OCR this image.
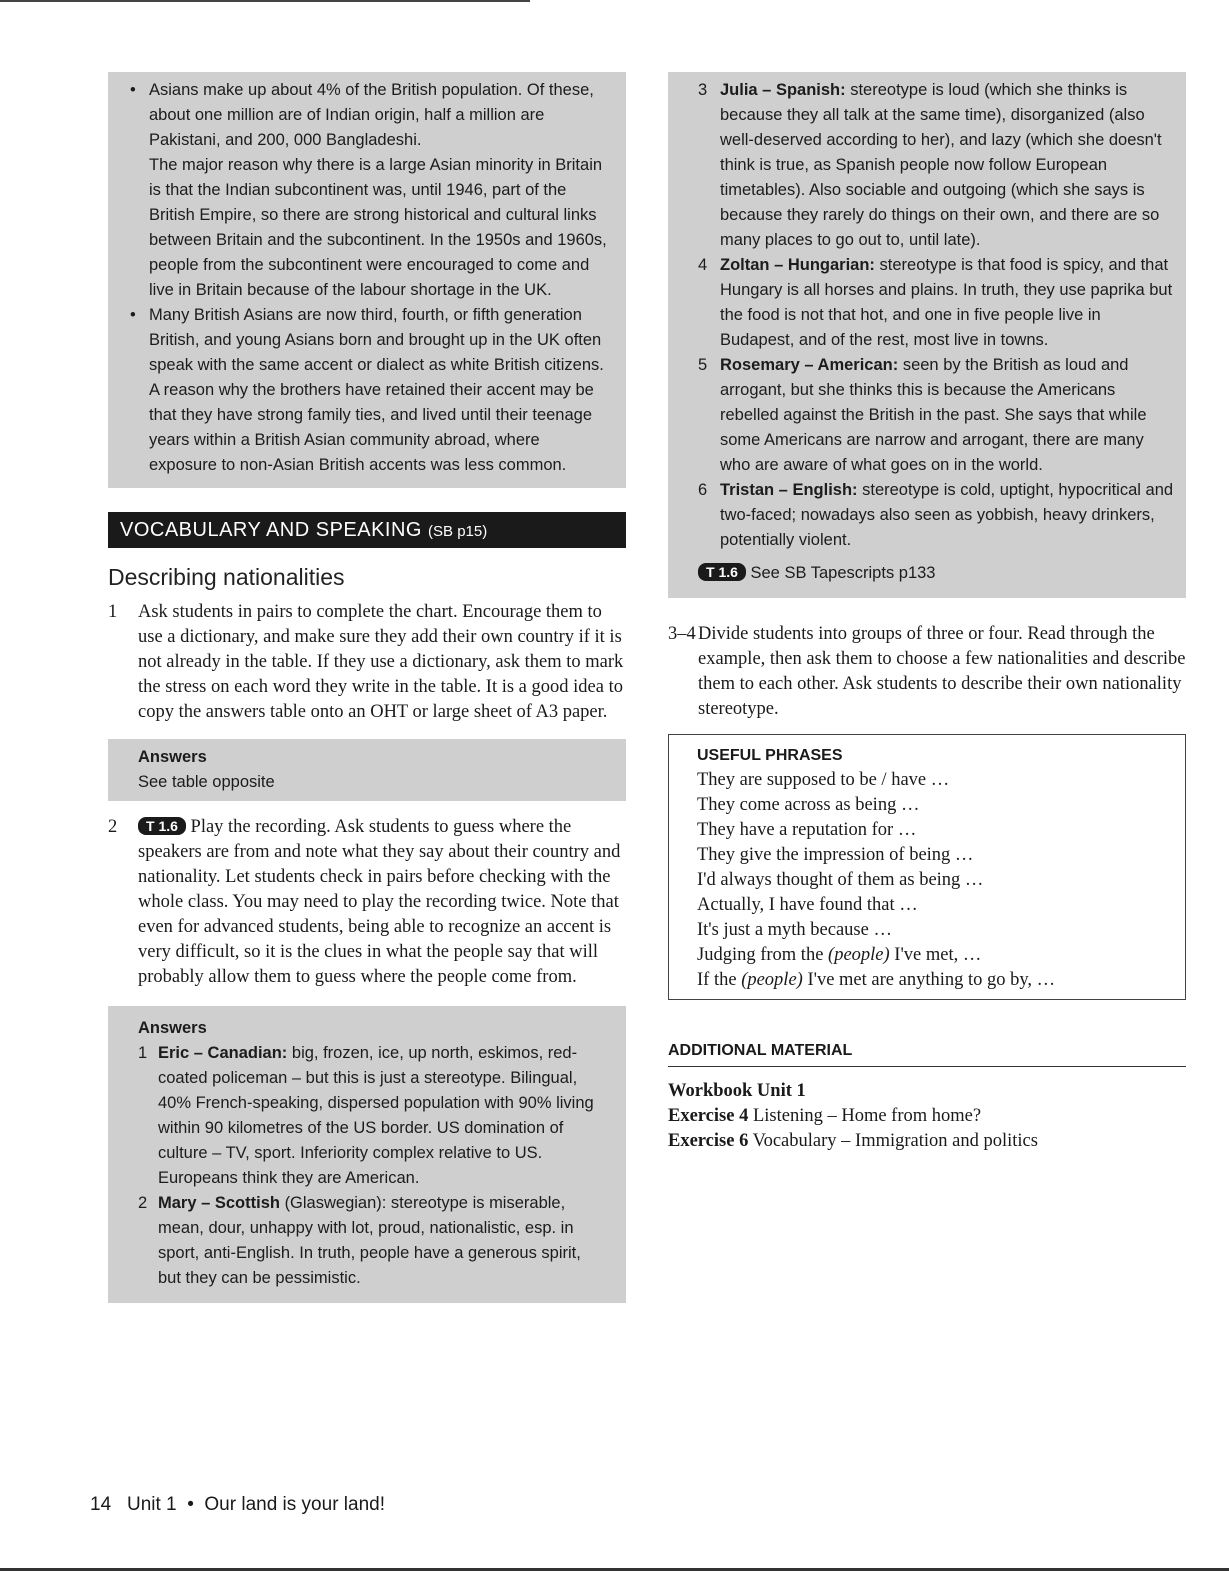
• Asians make up about 4% of the British population. Of these, about one million are of Indian origin, half a million are Pakistani, and 200, 000 Bangladeshi.
The major reason why there is a large Asian minority in Britain is that the Indian subcontinent was, until 1946, part of the British Empire, so there are strong historical and cultural links between Britain and the subcontinent. In the 1950s and 1960s, people from the subcontinent were encouraged to come and live in Britain because of the labour shortage in the UK.
• Many British Asians are now third, fourth, or fifth generation British, and young Asians born and brought up in the UK often speak with the same accent or dialect as white British citizens. A reason why the brothers have retained their accent may be that they have strong family ties, and lived until their teenage years within a British Asian community abroad, where exposure to non-Asian British accents was less common.
VOCABULARY AND SPEAKING (SB p15)
Describing nationalities

1 Ask students in pairs to complete the chart. Encourage them to use a dictionary, and make sure they add their own country if it is not already in the table. If they use a dictionary, ask them to mark the stress on each word they write in the table. It is a good idea to copy the answers table onto an OHT or large sheet of A3 paper.

Answers
See table opposite

2 T 1.6 Play the recording. Ask students to guess where the speakers are from and note what they say about their country and nationality. Let students check in pairs before checking with the whole class. You may need to play the recording twice. Note that even for advanced students, being able to recognize an accent is very difficult, so it is the clues in what the people say that will probably allow them to guess where the people come from.

Answers
1 Eric – Canadian: big, frozen, ice, up north, eskimos, red-coated policeman – but this is just a stereotype. Bilingual, 40% French-speaking, dispersed population with 90% living within 90 kilometres of the US border. US domination of culture – TV, sport. Inferiority complex relative to US. Europeans think they are American.
2 Mary – Scottish (Glaswegian): stereotype is miserable, mean, dour, unhappy with lot, proud, nationalistic, esp. in sport, anti-English. In truth, people have a generous spirit, but they can be pessimistic.
3 Julia – Spanish: stereotype is loud (which she thinks is because they all talk at the same time), disorganized (also well-deserved according to her), and lazy (which she doesn't think is true, as Spanish people now follow European timetables). Also sociable and outgoing (which she says is because they rarely do things on their own, and there are so many places to go out to, until late).
4 Zoltan – Hungarian: stereotype is that food is spicy, and that Hungary is all horses and plains. In truth, they use paprika but the food is not that hot, and one in five people live in Budapest, and of the rest, most live in towns.
5 Rosemary – American: seen by the British as loud and arrogant, but she thinks this is because the Americans rebelled against the British in the past. She says that while some Americans are narrow and arrogant, there are many who are aware of what goes on in the world.
6 Tristan – English: stereotype is cold, uptight, hypocritical and two-faced; nowadays also seen as yobbish, heavy drinkers, potentially violent.
T 1.6 See SB Tapescripts p133

3–4 Divide students into groups of three or four. Read through the example, then ask them to choose a few nationalities and describe them to each other. Ask students to describe their own nationality stereotype.

USEFUL PHRASES
They are supposed to be / have …
They come across as being …
They have a reputation for …
They give the impression of being …
I'd always thought of them as being …
Actually, I have found that …
It's just a myth because …
Judging from the (people) I've met, …
If the (people) I've met are anything to go by, …
ADDITIONAL MATERIAL
Workbook Unit 1
Exercise 4 Listening – Home from home?
Exercise 6 Vocabulary – Immigration and politics
14 Unit 1 • Our land is your land!
